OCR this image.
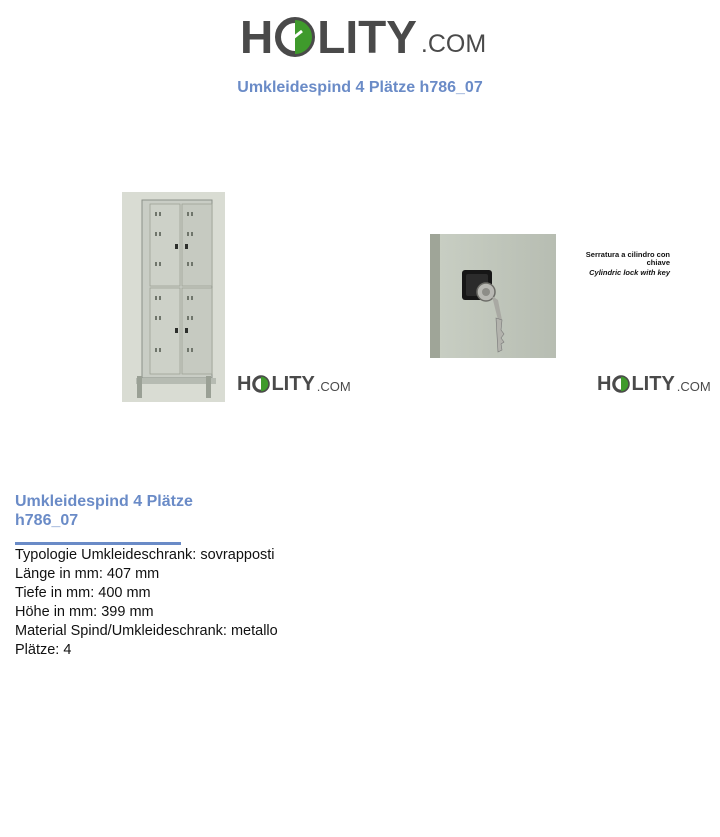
H LITY .COM
Umkleidespind 4 Plätze h786_07
H LITY .COM
Serratura a cilindro con chiave
Cylindric lock with key
H LITY .COM
Umkleidespind 4 Plätze h786_07
Typologie Umkleideschrank: sovrapposti
Länge in mm: 407 mm
Tiefe in mm: 400 mm
Höhe in mm: 399 mm
Material Spind/Umkleideschrank: metallo
Plätze: 4
